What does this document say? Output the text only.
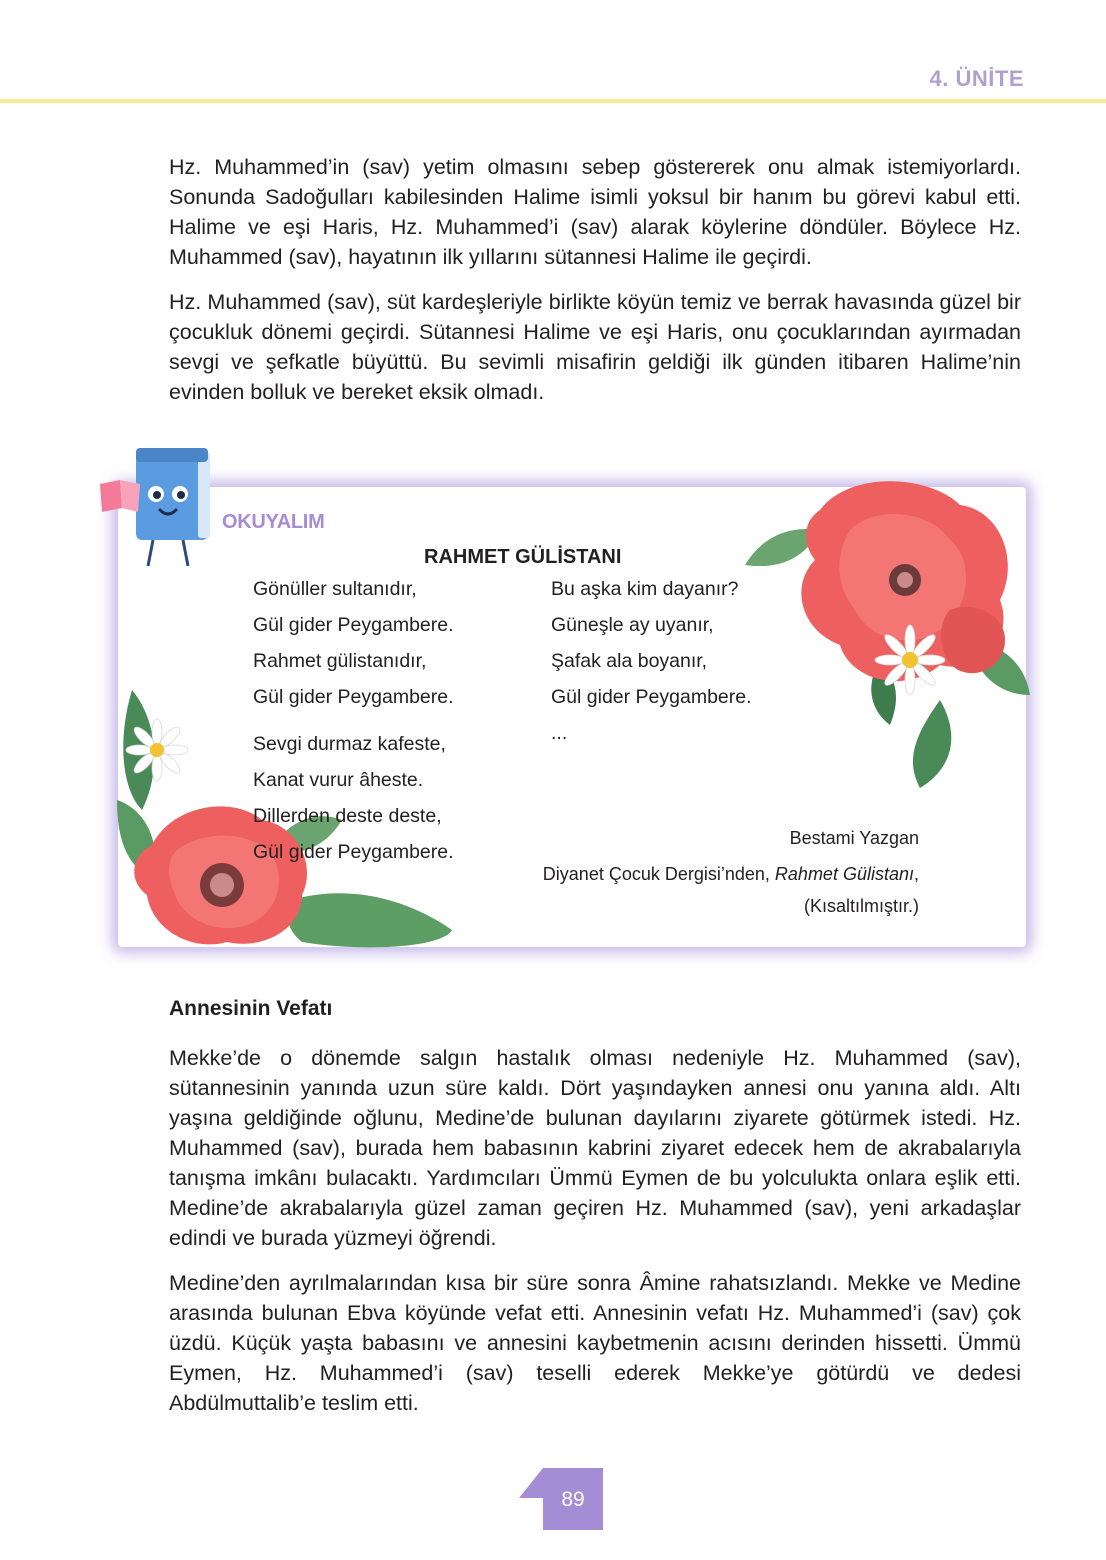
4. ÜNİTE

Hz. Muhammed’in (sav) yetim olmasını sebep göstererek onu almak istemiyorlardı. Sonunda Sadoğulları kabilesinden Halime isimli yoksul bir hanım bu görevi kabul etti. Halime ve eşi Haris, Hz. Muhammed’i (sav) alarak köylerine döndüler. Böylece Hz. Muhammed (sav), hayatının ilk yıllarını sütannesi Halime ile geçirdi.

Hz. Muhammed (sav), süt kardeşleriyle birlikte köyün temiz ve berrak havasında güzel bir çocukluk dönemi geçirdi. Sütannesi Halime ve eşi Haris, onu çocuklarından ayırmadan sevgi ve şefkatle büyüttü. Bu sevimli misafirin geldiği ilk günden itibaren Halime’nin evinden bolluk ve bereket eksik olmadı.

OKUYALIM
RAHMET GÜLİSTANI
Gönüller sultanıdır,
Gül gider Peygambere.
Rahmet gülistanıdır,
Gül gider Peygambere.
Sevgi durmaz kafeste,
Kanat vurur âheste.
Dillerden deste deste,
Gül gider Peygambere.
Bu aşka kim dayanır?
Güneşle ay uyanır,
Şafak ala boyanır,
Gül gider Peygambere.
...
Bestami Yazgan
Diyanet Çocuk Dergisi’nden, Rahmet Gülistanı,
(Kısaltılmıştır.)
Annesinin Vefatı

Mekke’de o dönemde salgın hastalık olması nedeniyle Hz. Muhammed (sav), sütannesinin yanında uzun süre kaldı. Dört yaşındayken annesi onu yanına aldı. Altı yaşına geldiğinde oğlunu, Medine’de bulunan dayılarını ziyarete götürmek istedi. Hz. Muhammed (sav), burada hem babasının kabrini ziyaret edecek hem de akrabalarıyla tanışma imkânı bulacaktı. Yardımcıları Ümmü Eymen de bu yolculukta onlara eşlik etti. Medine’de akrabalarıyla güzel zaman geçiren Hz. Muhammed (sav), yeni arkadaşlar edindi ve burada yüzmeyi öğrendi.

Medine’den ayrılmalarından kısa bir süre sonra Âmine rahatsızlandı. Mekke ve Medine arasında bulunan Ebva köyünde vefat etti. Annesinin vefatı Hz. Muhammed’i (sav) çok üzdü. Küçük yaşta babasını ve annesini kaybetmenin acısını derinden hissetti. Ümmü Eymen, Hz. Muhammed’i (sav) teselli ederek Mekke’ye götürdü ve dedesi Abdülmuttalib’e teslim etti.

89
